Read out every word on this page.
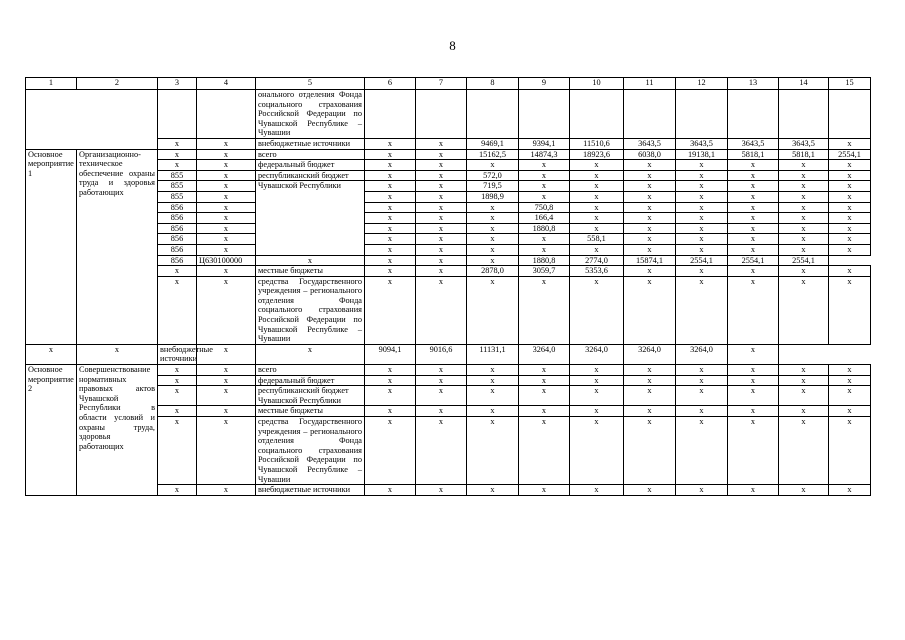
8
1	2	3	4	5	6	7	8	9	10	11	12	13	14	15
				онального отделения Фонда социального страхования Российской Федерации по Чувашской Республике – Чувашии										
		х	х	внебюджетные источники	х	х	9469,1	9394,1	11510,6	3643,5	3643,5	3643,5	3643,5	х
Основное мероприятие 1	Организационно-техническое обеспечение охраны труда и здоровья работающих	х	х	всего	х	х	15162,5	14874,3	18923,6	6038,0	19138,1	5818,1	5818,1	2554,1
		х	х	федеральный бюджет	х	х	х	х	х	х	х	х	х	х
		855	х	республиканский бюджет	х	х	572,0	х	х	х	х	х	х	х
		855	х	Чувашской Республики	х	х	719,5	х	х	х	х	х	х	х
		855	х		х	х	1898,9	х	х	х	х	х	х	х
		856	х		х	х	х	750,8	х	х	х	х	х	х
		856	х		х	х	х	166,4	х	х	х	х	х	х
		856	х		х	х	х	1880,8	х	х	х	х	х	х
		856	х		х	х	х	х	558,1	х	х	х	х	х
		856	х		х	х	х	х	х	х	х	х	х	х
		856	Ц630100000	х	х	х	х	1880,8	2774,0	15874,1	2554,1	2554,1	2554,1	
		х	х	местные бюджеты	х	х	2878,0	3059,7	5353,6	х	х	х	х	х
		х	х	средства Государственного учреждения – регионального отделения Фонда социального страхования Российской Федерации по Чувашской Республике – Чувашии	х	х	х	х	х	х	х	х	х	х
х	х	внебюджетные источники	х	х	9094,1	9016,6	11131,1	3264,0	3264,0	3264,0	3264,0	х		
Основное мероприятие 2	Совершенствование нормативных правовых актов Чувашской Республики в области условий и охраны труда, здоровья работающих	х	х	всего	х	х	х	х	х	х	х	х	х	х
		х	х	федеральный бюджет	х	х	х	х	х	х	х	х	х	х
		х	х	республиканский бюджет Чувашской Республики	х	х	х	х	х	х	х	х	х	х
		х	х	местные бюджеты	х	х	х	х	х	х	х	х	х	х
		х	х	средства Государственного учреждения – регионального отделения Фонда социального страхования Российской Федерации по Чувашской Республике – Чувашии	х	х	х	х	х	х	х	х	х	х
		х	х	внебюджетные источники	х	х	х	х	х	х	х	х	х	х
